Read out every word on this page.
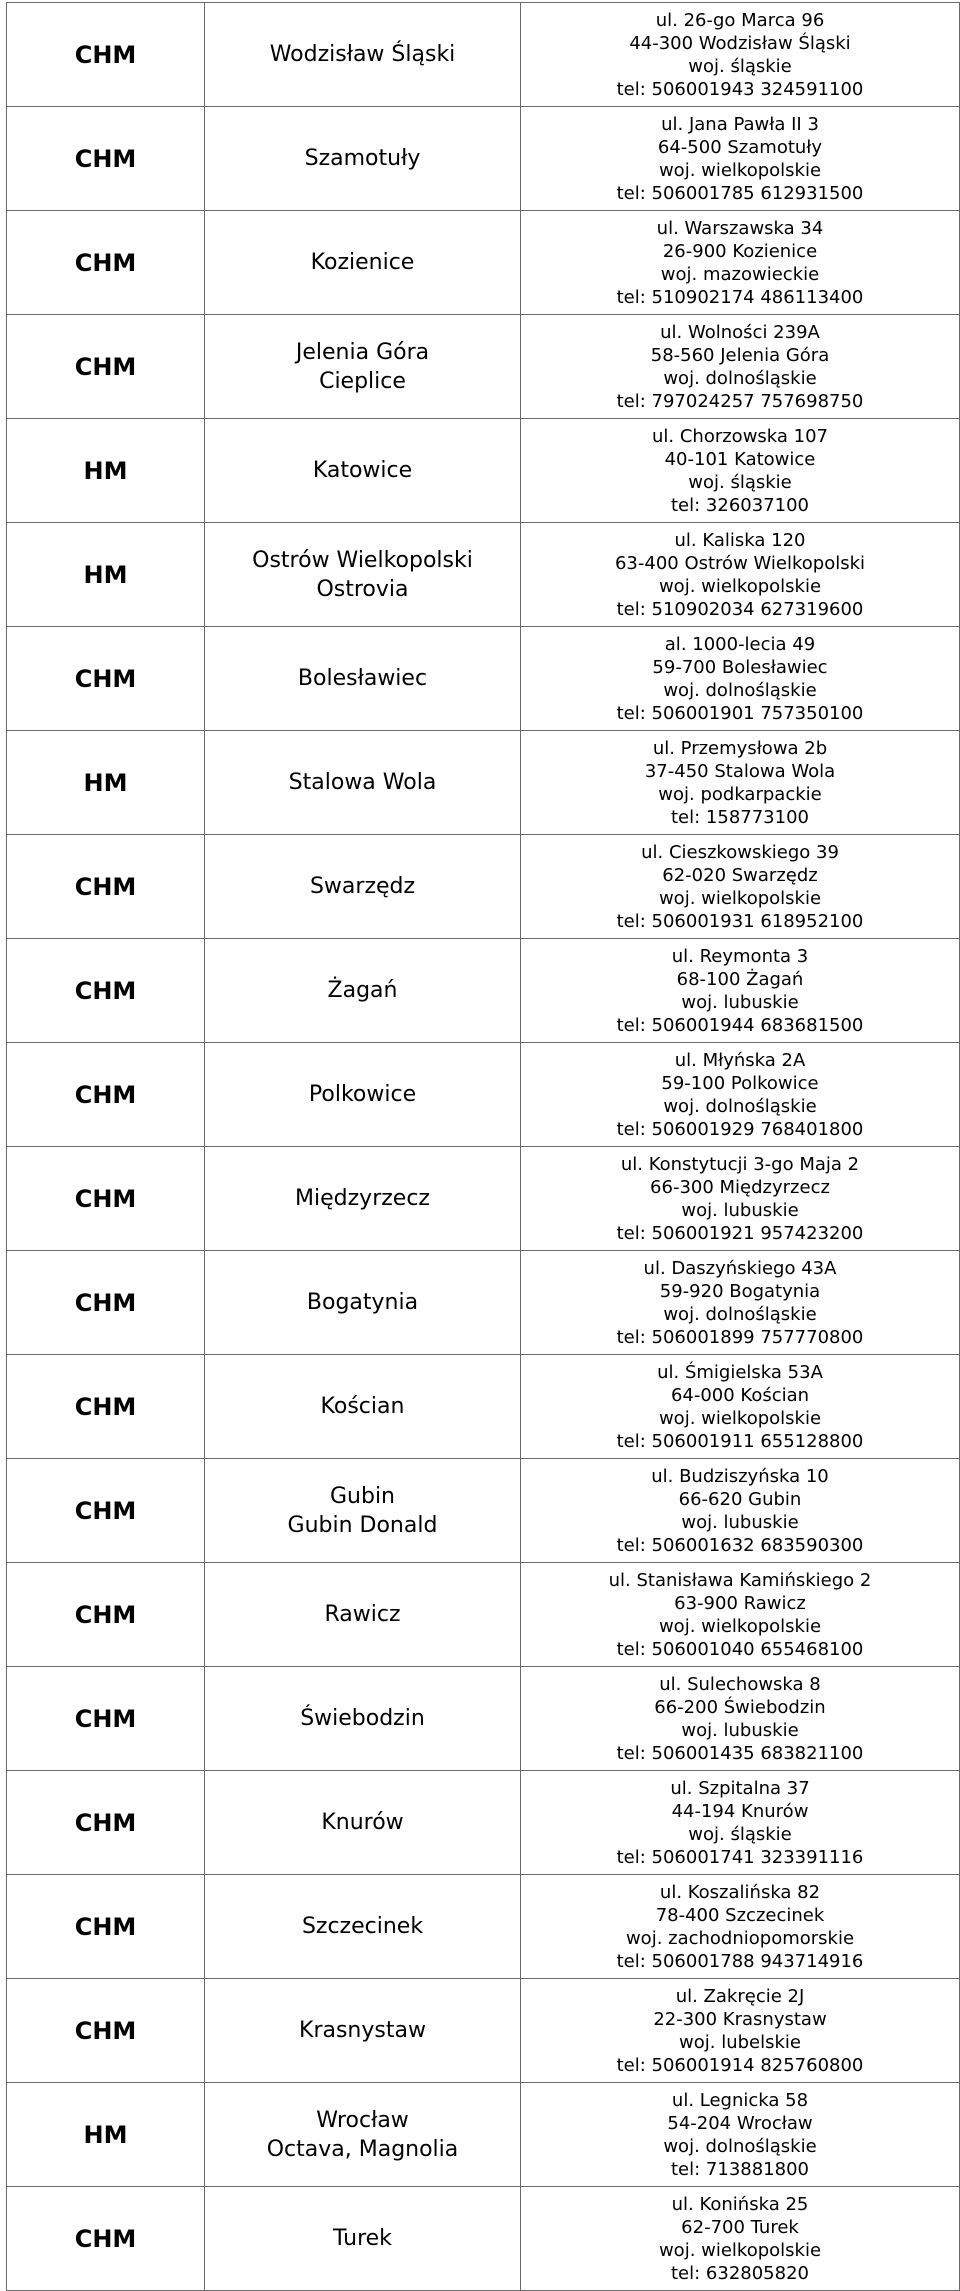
CHM	Wodzisław Śląski	ul. 26-go Marca 96
44-300 Wodzisław Śląski
woj. śląskie
tel: 506001943 324591100

CHM	Szamotuły	ul. Jana Pawła II 3
64-500 Szamotuły
woj. wielkopolskie
tel: 506001785 612931500

CHM	Kozienice	ul. Warszawska 34
26-900 Kozienice
woj. mazowieckie
tel: 510902174 486113400

CHM	Jelenia Góra
Cieplice	ul. Wolności 239A
58-560 Jelenia Góra
woj. dolnośląskie
tel: 797024257 757698750

HM	Katowice	ul. Chorzowska 107
40-101 Katowice
woj. śląskie
tel: 326037100

HM	Ostrów Wielkopolski
Ostrovia	ul. Kaliska 120
63-400 Ostrów Wielkopolski
woj. wielkopolskie
tel: 510902034 627319600

CHM	Bolesławiec	al. 1000-lecia 49
59-700 Bolesławiec
woj. dolnośląskie
tel: 506001901 757350100

HM	Stalowa Wola	ul. Przemysłowa 2b
37-450 Stalowa Wola
woj. podkarpackie
tel: 158773100

CHM	Swarzędz	ul. Cieszkowskiego 39
62-020 Swarzędz
woj. wielkopolskie
tel: 506001931 618952100

CHM	Żagań	ul. Reymonta 3
68-100 Żagań
woj. lubuskie
tel: 506001944 683681500

CHM	Polkowice	ul. Młyńska 2A
59-100 Polkowice
woj. dolnośląskie
tel: 506001929 768401800

CHM	Międzyrzecz	ul. Konstytucji 3-go Maja 2
66-300 Międzyrzecz
woj. lubuskie
tel: 506001921 957423200

CHM	Bogatynia	ul. Daszyńskiego 43A
59-920 Bogatynia
woj. dolnośląskie
tel: 506001899 757770800

CHM	Kościan	ul. Śmigielska 53A
64-000 Kościan
woj. wielkopolskie
tel: 506001911 655128800

CHM	Gubin
Gubin Donald	ul. Budziszyńska 10
66-620 Gubin
woj. lubuskie
tel: 506001632 683590300

CHM	Rawicz	ul. Stanisława Kamińskiego 2
63-900 Rawicz
woj. wielkopolskie
tel: 506001040 655468100

CHM	Świebodzin	ul. Sulechowska 8
66-200 Świebodzin
woj. lubuskie
tel: 506001435 683821100

CHM	Knurów	ul. Szpitalna 37
44-194 Knurów
woj. śląskie
tel: 506001741 323391116

CHM	Szczecinek	ul. Koszalińska 82
78-400 Szczecinek
woj. zachodniopomorskie
tel: 506001788 943714916

CHM	Krasnystaw	ul. Zakręcie 2J
22-300 Krasnystaw
woj. lubelskie
tel: 506001914 825760800

HM	Wrocław
Octava, Magnolia	ul. Legnicka 58
54-204 Wrocław
woj. dolnośląskie
tel: 713881800

CHM	Turek	ul. Konińska 25
62-700 Turek
woj. wielkopolskie
tel: 632805820
